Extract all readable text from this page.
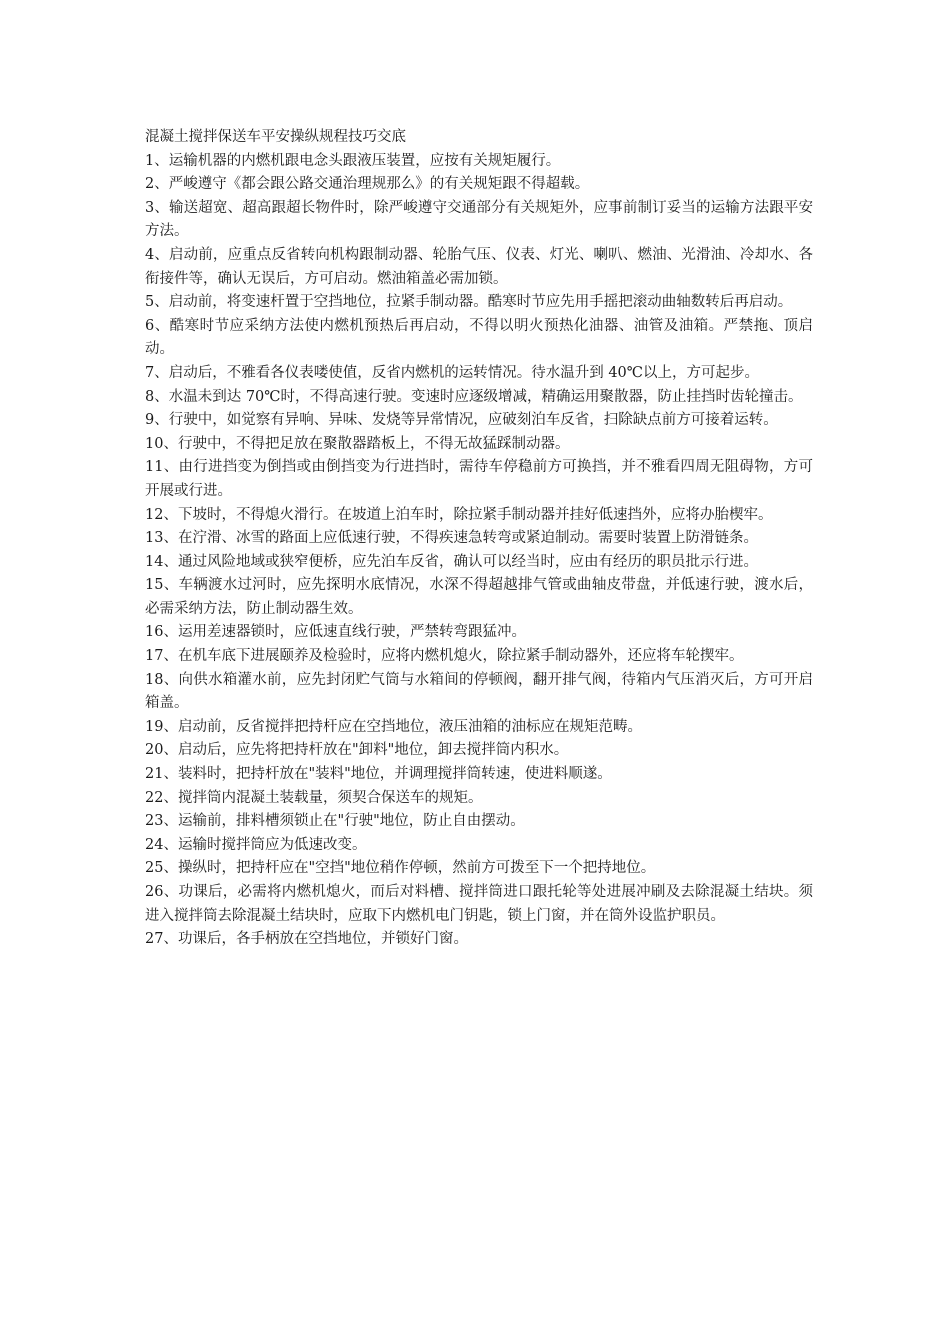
混凝土搅拌保送车平安操纵规程技巧交底

1、运输机器的内燃机跟电念头跟液压装置，应按有关规矩履行。

2、严峻遵守《都会跟公路交通治理规那么》的有关规矩跟不得超载。

3、输送超宽、超高跟超长物件时，除严峻遵守交通部分有关规矩外，应事前制订妥当的运输方法跟平安方法。

4、启动前，应重点反省转向机构跟制动器、轮胎气压、仪表、灯光、喇叭、燃油、光滑油、冷却水、各衔接件等，确认无误后，方可启动。燃油箱盖必需加锁。

5、启动前，将变速杆置于空挡地位，拉紧手制动器。酷寒时节应先用手摇把滚动曲轴数转后再启动。

6、酷寒时节应采纳方法使内燃机预热后再启动，不得以明火预热化油器、油管及油箱。严禁拖、顶启动。

7、启动后，不雅看各仪表喽使值，反省内燃机的运转情况。待水温升到 40℃以上，方可起步。

8、水温未到达 70℃时，不得高速行驶。变速时应逐级增减，精确运用聚散器，防止挂挡时齿轮撞击。

9、行驶中，如觉察有异响、异味、发烧等异常情况，应破刻泊车反省，扫除缺点前方可接着运转。

10、行驶中，不得把足放在聚散器踏板上，不得无故猛踩制动器。

11、由行进挡变为倒挡或由倒挡变为行进挡时，需待车停稳前方可换挡，并不雅看四周无阻碍物，方可开展或行进。

12、下坡时，不得熄火滑行。在坡道上泊车时，除拉紧手制动器并挂好低速挡外，应将办胎楔牢。

13、在泞滑、冰雪的路面上应低速行驶，不得疾速急转弯或紧迫制动。需要时装置上防滑链条。

14、通过风险地域或狭窄便桥，应先泊车反省，确认可以经当时，应由有经历的职员批示行进。

15、车辆渡水过河时，应先探明水底情况，水深不得超越排气管或曲轴皮带盘，并低速行驶，渡水后，必需采纳方法，防止制动器生效。

16、运用差速器锁时，应低速直线行驶，严禁转弯跟猛冲。

17、在机车底下进展颐养及检验时，应将内燃机熄火，除拉紧手制动器外，还应将车轮揳牢。

18、向供水箱灌水前，应先封闭贮气筒与水箱间的停顿阀，翻开排气阀，待箱内气压消灭后，方可开启箱盖。

19、启动前，反省搅拌把持杆应在空挡地位，液压油箱的油标应在规矩范畴。

20、启动后，应先将把持杆放在"卸料"地位，卸去搅拌筒内积水。

21、装料时，把持杆放在"装料"地位，并调理搅拌筒转速，使进料顺遂。

22、搅拌筒内混凝土装载量，须契合保送车的规矩。

23、运输前，排料槽须锁止在"行驶"地位，防止自由摆动。

24、运输时搅拌筒应为低速改变。

25、操纵时，把持杆应在"空挡"地位稍作停顿，然前方可拨至下一个把持地位。

26、功课后，必需将内燃机熄火，而后对料槽、搅拌筒进口跟托轮等处进展冲刷及去除混凝土结块。须进入搅拌筒去除混凝土结块时，应取下内燃机电门钥匙，锁上门窗，并在筒外设监护职员。

27、功课后，各手柄放在空挡地位，并锁好门窗。
